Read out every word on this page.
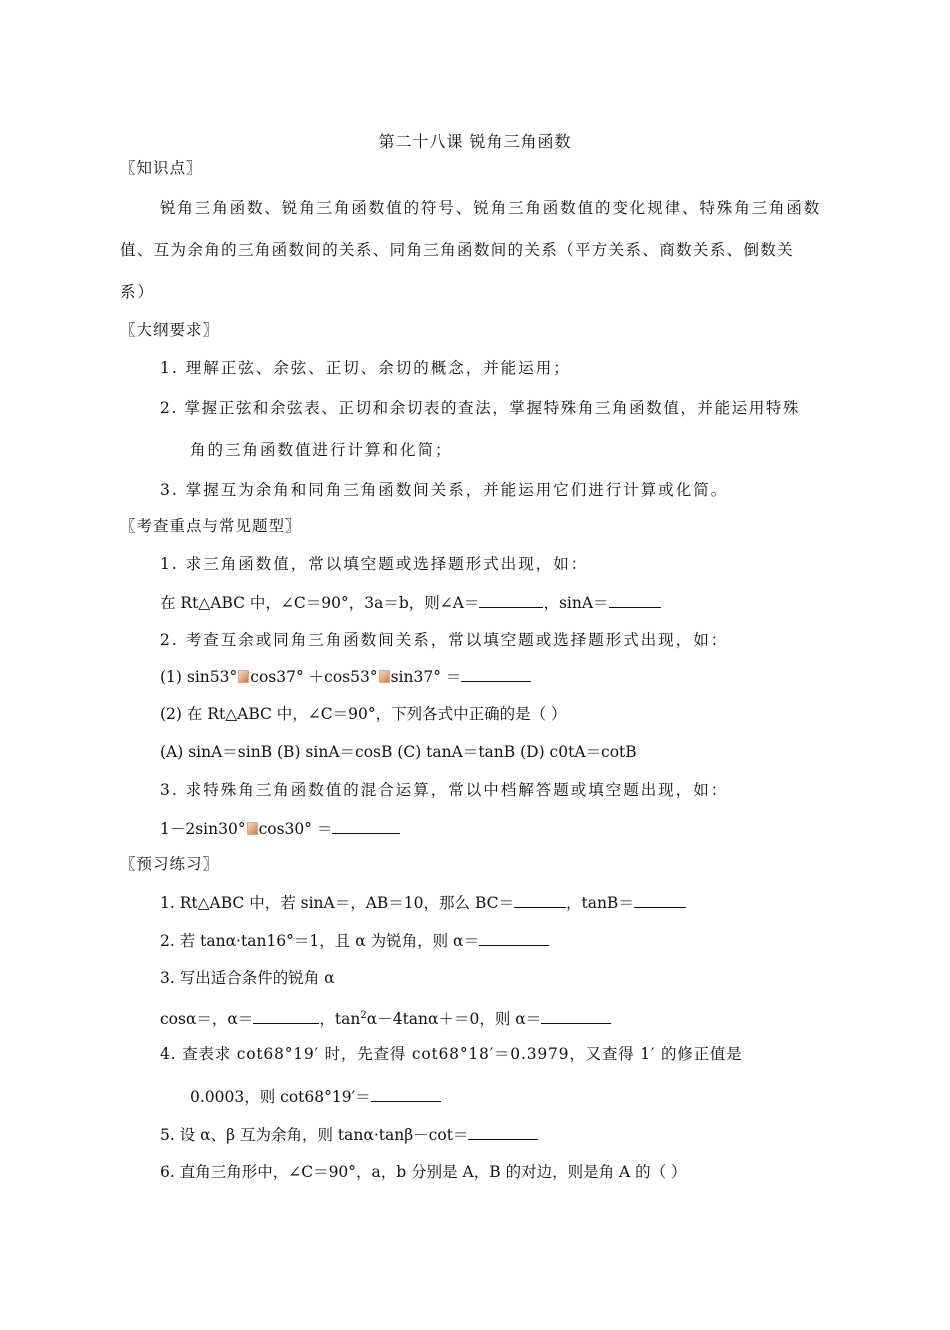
第二十八课 锐角三角函数
〖知识点〗
锐角三角函数、锐角三角函数值的符号、锐角三角函数值的变化规律、特殊角三角函数
值、互为余角的三角函数间的关系、同角三角函数间的关系（平方关系、商数关系、倒数关
系）
〖大纲要求〗
1. 理解正弦、余弦、正切、余切的概念，并能运用；
2. 掌握正弦和余弦表、正切和余切表的查法，掌握特殊角三角函数值，并能运用特殊
角的三角函数值进行计算和化简；
3. 掌握互为余角和同角三角函数间关系，并能运用它们进行计算或化简。
〖考查重点与常见题型〗
1. 求三角函数值，常以填空题或选择题形式出现，如：
在 Rt△ABC 中，∠C＝90°，3a＝b，则∠A＝	，sinA＝
2. 考查互余或同角三角函数间关系，常以填空题或选择题形式出现，如：
(1) sin53° cos37° ＋cos53° sin37° ＝
(2) 在 Rt△ABC 中，∠C＝90°，下列各式中正确的是（ ）
(A) sinA＝sinB (B) sinA＝cosB (C) tanA＝tanB (D) c0tA＝cotB
3. 求特殊角三角函数值的混合运算，常以中档解答题或填空题出现，如：
1－2sin30° cos30° ＝
〖预习练习〗
1. Rt△ABC 中，若 sinA＝，AB＝10，那么 BC＝	，tanB＝
2. 若 tanα·tan16°＝1，且 α 为锐角，则 α＝
3. 写出适合条件的锐角 α
cosα＝，α＝	，$\tan^2\alpha-4\tan\alpha+=0$，则 α＝
4. 查表求 cot68°19′ 时，先查得 cot68°18′＝0.3979，又查得 1′ 的修正值是
0.0003，则 cot68°19′＝
5. 设 α、β 互为余角，则 tanα·tanβ－cot＝
6. 直角三角形中，∠C＝90°，a，b 分别是 A，B 的对边，则是角 A 的（ ）
